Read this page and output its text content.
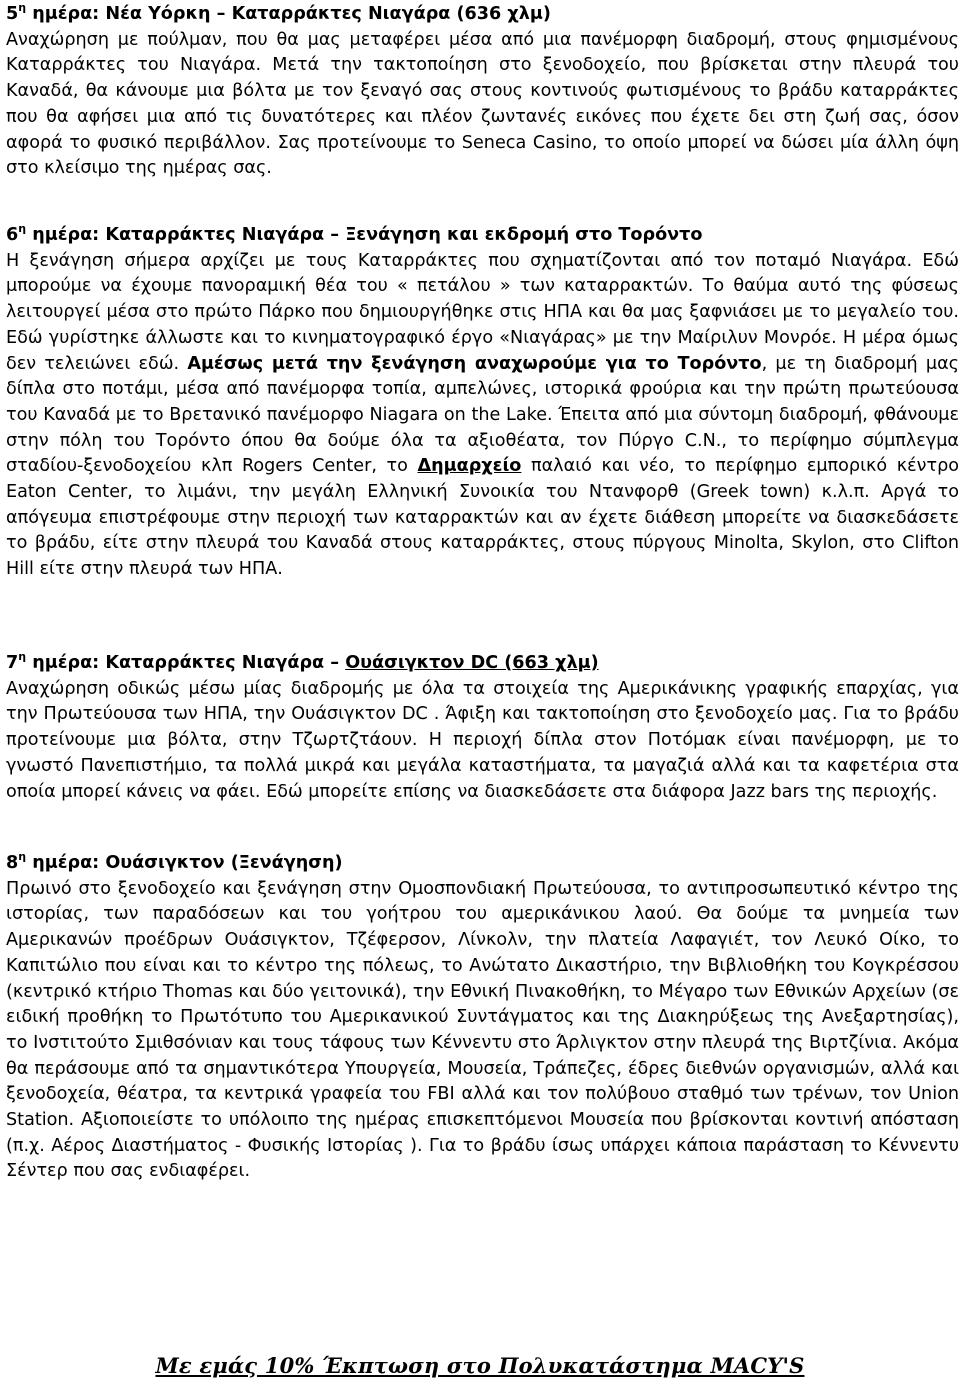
$5^\eta$ ημέρα: Νέα Υόρκη – Καταρράκτες Νιαγάρα (636 χλμ)

Αναχώρηση με πούλμαν, που θα μας μεταφέρει μέσα από μια πανέμορφη διαδρομή, στους φημισμένους Καταρράκτες του Νιαγάρα. Μετά την τακτοποίηση στο ξενοδοχείο, που βρίσκεται στην πλευρά του Καναδά, θα κάνουμε μια βόλτα με τον ξεναγό σας στους κοντινούς φωτισμένους το βράδυ καταρράκτες που θα αφήσει μια από τις δυνατότερες και πλέον ζωντανές εικόνες που έχετε δει στη ζωή σας, όσον αφορά το φυσικό περιβάλλον. Σας προτείνουμε το Seneca Casino, το οποίο μπορεί να δώσει μία άλλη όψη στο κλείσιμο της ημέρας σας.

$6^\eta$ ημέρα: Καταρράκτες Νιαγάρα – Ξενάγηση και εκδρομή στο Τορόντο

Η ξενάγηση σήμερα αρχίζει με τους Καταρράκτες που σχηματίζονται από τον ποταμό Νιαγάρα. Εδώ μπορούμε να έχουμε πανοραμική θέα του « πετάλου » των καταρρακτών. Το θαύμα αυτό της φύσεως λειτουργεί μέσα στο πρώτο Πάρκο που δημιουργήθηκε στις ΗΠΑ και θα μας ξαφνιάσει με το μεγαλείο του. Εδώ γυρίστηκε άλλωστε και το κινηματογραφικό έργο «Νιαγάρας» με την Μαίριλυν Μονρόε. Η μέρα όμως δεν τελειώνει εδώ. Αμέσως μετά την ξενάγηση αναχωρούμε για το Τορόντο, με τη διαδρομή μας δίπλα στο ποτάμι, μέσα από πανέμορφα τοπία, αμπελώνες, ιστορικά φρούρια και την πρώτη πρωτεύουσα του Καναδά με το Βρετανικό πανέμορφο Niagara on the Lake. Έπειτα από μια σύντομη διαδρομή, φθάνουμε στην πόλη του Τορόντο όπου θα δούμε όλα τα αξιοθέατα, τον Πύργο C.N., το περίφημο σύμπλεγμα σταδίου-ξενοδοχείου κλπ Rogers Center, το Δημαρχείο παλαιό και νέο, το περίφημο εμπορικό κέντρο Eaton Center, το λιμάνι, την μεγάλη Ελληνική Συνοικία του Ντανφορθ (Greek town) κ.λ.π. Αργά το απόγευμα επιστρέφουμε στην περιοχή των καταρρακτών και αν έχετε διάθεση μπορείτε να διασκεδάσετε το βράδυ, είτε στην πλευρά του Καναδά στους καταρράκτες, στους πύργους Minolta, Skylon, στο Clifton Hill είτε στην πλευρά των ΗΠΑ.

$7^\eta$ ημέρα: Καταρράκτες Νιαγάρα – Ουάσιγκτον DC (663 χλμ)

Αναχώρηση οδικώς μέσω μίας διαδρομής με όλα τα στοιχεία της Αμερικάνικης γραφικής επαρχίας, για την Πρωτεύουσα των ΗΠΑ, την Ουάσιγκτον DC . Άφιξη και τακτοποίηση στο ξενοδοχείο μας. Για το βράδυ προτείνουμε μια βόλτα, στην Τζωρτζτάουν. Η περιοχή δίπλα στον Ποτόμακ είναι πανέμορφη, με το γνωστό Πανεπιστήμιο, τα πολλά μικρά και μεγάλα καταστήματα, τα μαγαζιά αλλά και τα καφετέρια στα οποία μπορεί κάνεις να φάει. Εδώ μπορείτε επίσης να διασκεδάσετε στα διάφορα Jazz bars της περιοχής.

$8^\eta$ ημέρα: Ουάσιγκτον (Ξενάγηση)

Πρωινό στο ξενοδοχείο και ξενάγηση στην Ομοσπονδιακή Πρωτεύουσα, το αντιπροσωπευτικό κέντρο της ιστορίας, των παραδόσεων και του γοήτρου του αμερικάνικου λαού. Θα δούμε τα μνημεία των Αμερικανών προέδρων Ουάσιγκτον, Τζέφερσον, Λίνκολν, την πλατεία Λαφαγιέτ, τον Λευκό Οίκο, το Καπιτώλιο που είναι και το κέντρο της πόλεως, το Ανώτατο Δικαστήριο, την Βιβλιοθήκη του Κογκρέσσου (κεντρικό κτήριο Thomas και δύο γειτονικά), την Εθνική Πινακοθήκη, το Μέγαρο των Εθνικών Αρχείων (σε ειδική προθήκη το Πρωτότυπο του Αμερικανικού Συντάγματος και της Διακηρύξεως της Ανεξαρτησίας), το Ινστιτούτο Σμιθσόνιαν και τους τάφους των Κέννεντυ στο Άρλιγκτον στην πλευρά της Βιρτζίνια. Ακόμα θα περάσουμε από τα σημαντικότερα Υπουργεία, Μουσεία, Τράπεζες, έδρες διεθνών οργανισμών, αλλά και ξενοδοχεία, θέατρα, τα κεντρικά γραφεία του FBI αλλά και τον πολύβουο σταθμό των τρένων, τον Union Station. Αξιοποιείστε το υπόλοιπο της ημέρας επισκεπτόμενοι Μουσεία που βρίσκονται κοντινή απόσταση (π.χ. Αέρος Διαστήματος - Φυσικής Ιστορίας ). Για το βράδυ ίσως υπάρχει κάποια παράσταση το Κέννεντυ Σέντερ που σας ενδιαφέρει.

Με εμάς 10% Έκπτωση στο Πολυκατάστημα MACY'S
